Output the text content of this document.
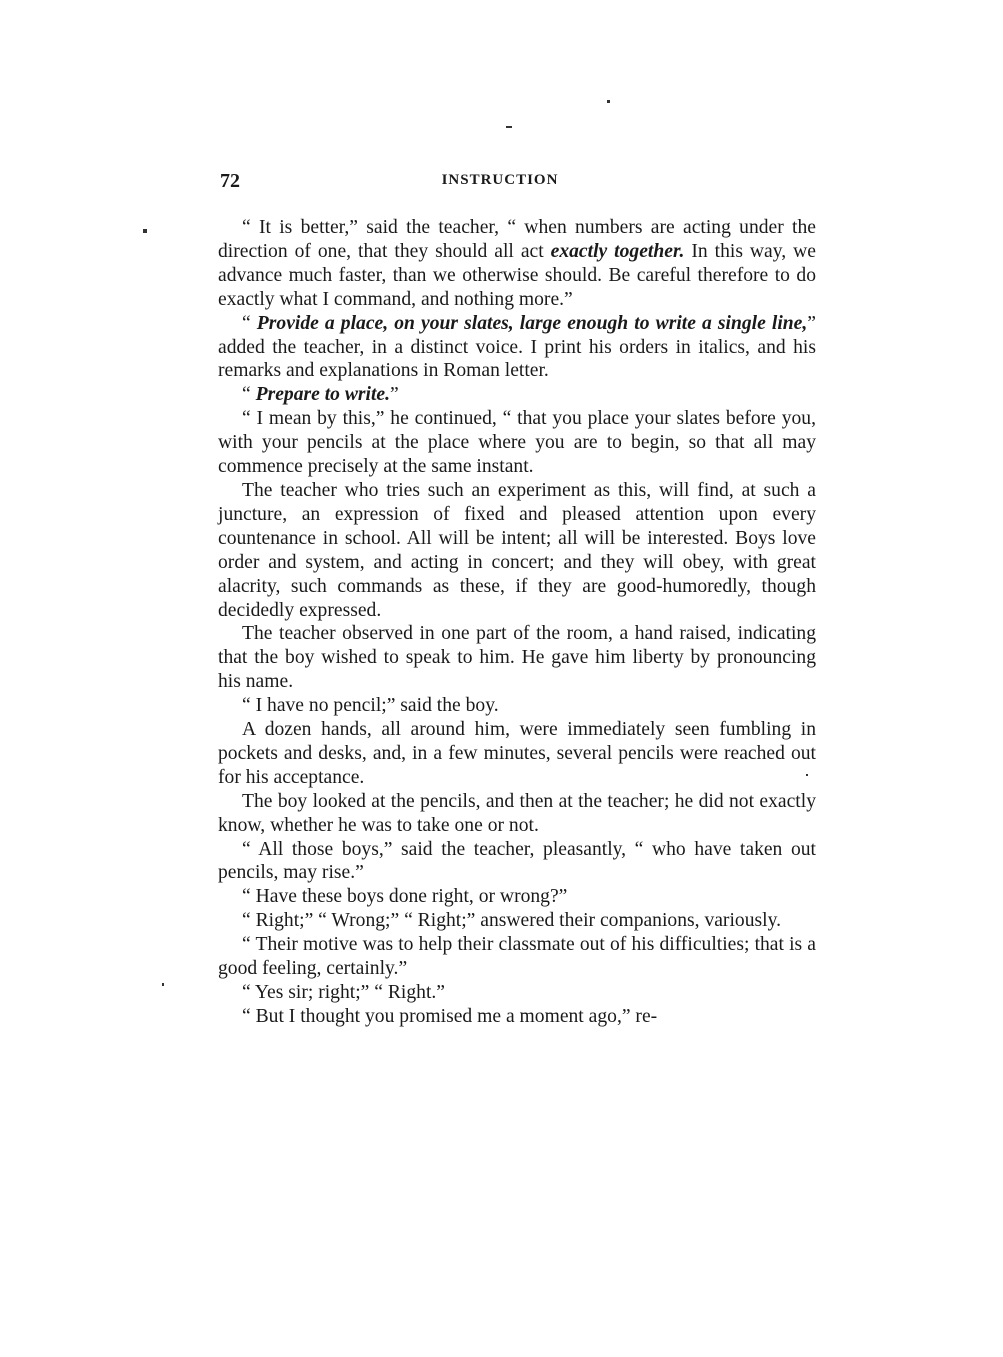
72	INSTRUCTION

“ It is better,” said the teacher, “ when numbers are acting under the direction of one, that they should all act exactly together. In this way, we advance much faster, than we otherwise should. Be careful therefore to do exactly what I command, and nothing more.”

“ Provide a place, on your slates, large enough to write a single line,” added the teacher, in a distinct voice. I print his orders in italics, and his remarks and explanations in Roman letter.

“ Prepare to write.”

“ I mean by this,” he continued, “ that you place your slates before you, with your pencils at the place where you are to begin, so that all may commence precisely at the same instant.

The teacher who tries such an experiment as this, will find, at such a juncture, an expression of fixed and pleased attention upon every countenance in school. All will be intent; all will be interested. Boys love order and system, and acting in concert; and they will obey, with great alacrity, such commands as these, if they are good-humoredly, though decidedly expressed.

The teacher observed in one part of the room, a hand raised, indicating that the boy wished to speak to him. He gave him liberty by pronouncing his name.

“ I have no pencil;” said the boy.

A dozen hands, all around him, were immediately seen fumbling in pockets and desks, and, in a few minutes, several pencils were reached out for his acceptance.

The boy looked at the pencils, and then at the teacher; he did not exactly know, whether he was to take one or not.

“ All those boys,” said the teacher, pleasantly, “ who have taken out pencils, may rise.”

“ Have these boys done right, or wrong?”

“ Right;” “ Wrong;” “ Right;” answered their companions, variously.

“ Their motive was to help their classmate out of his difficulties; that is a good feeling, certainly.”

“ Yes sir; right;” “ Right.”

“ But I thought you promised me a moment ago,” re-
